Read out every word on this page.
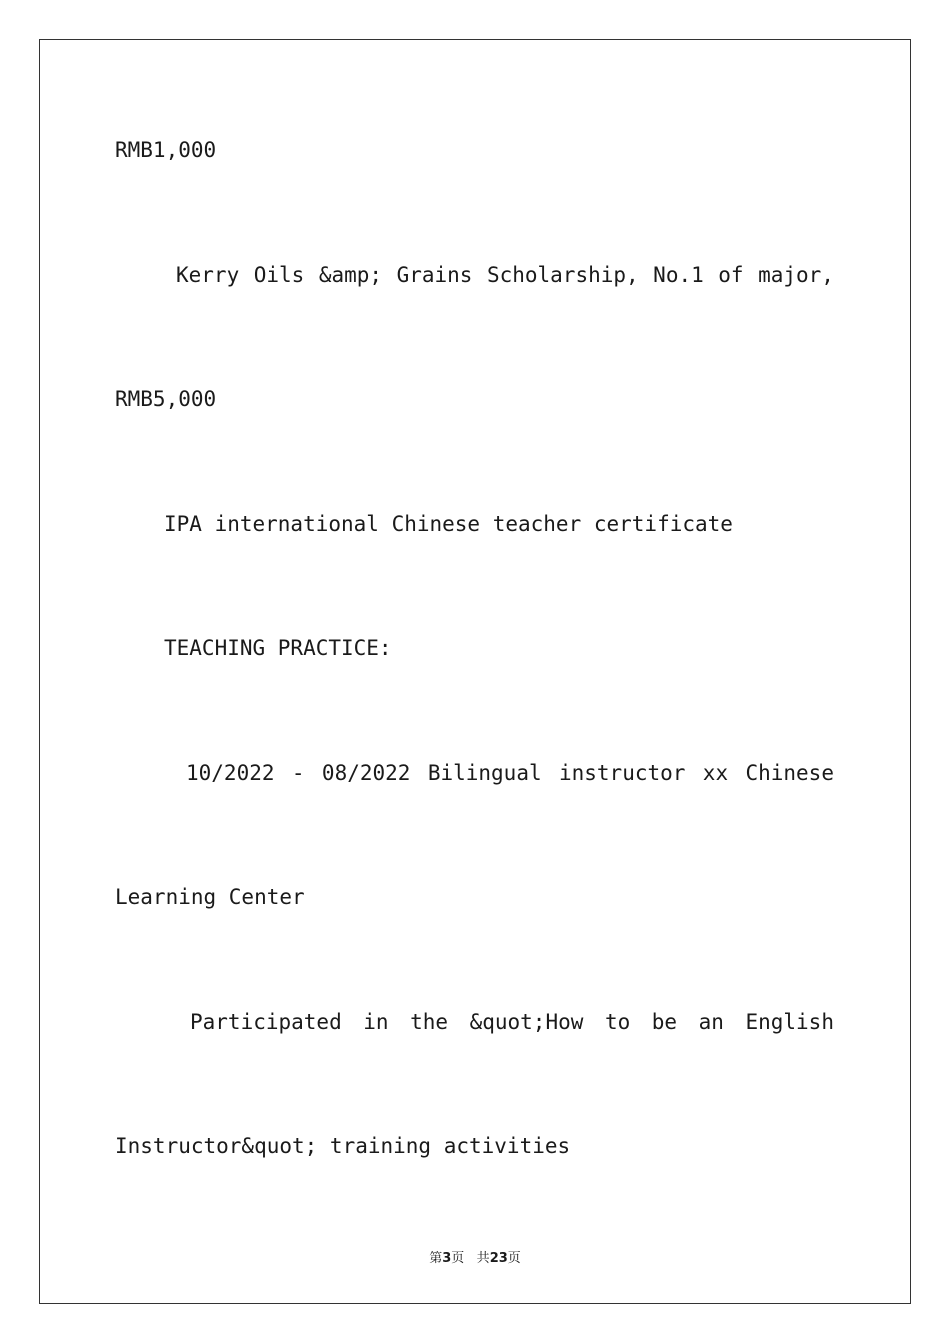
RMB1,000
Kerry Oils &amp; Grains Scholarship, No.1 of major,
RMB5,000
IPA international Chinese teacher certificate
TEACHING PRACTICE:
10/2022 - 08/2022 Bilingual instructor xx Chinese
Learning Center
Participated in the &quot;How to be an English
Instructor&quot; training activities
第3页 共23页
